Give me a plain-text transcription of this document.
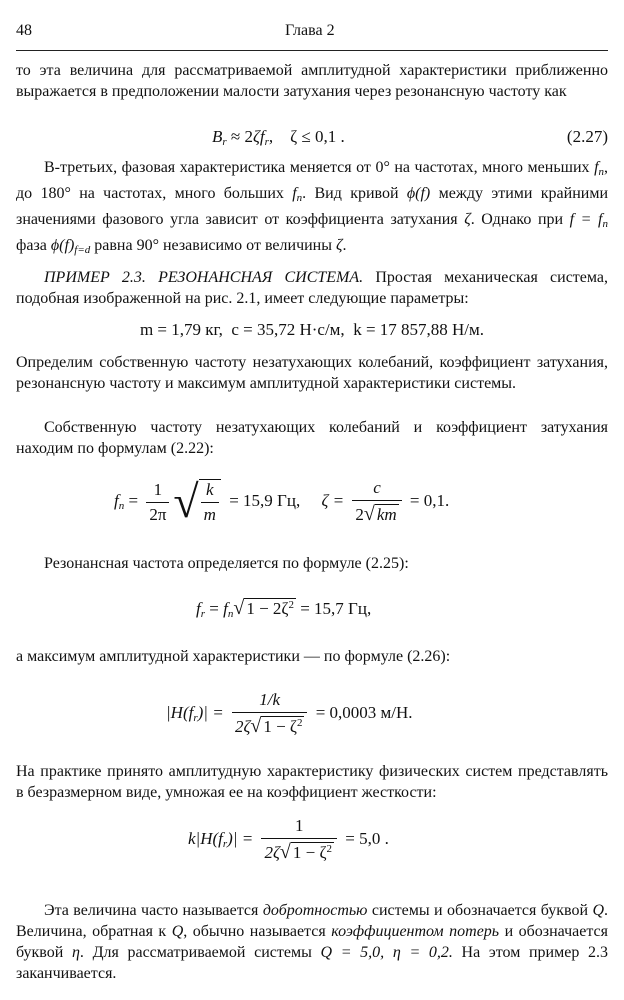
48	Глава 2
то эта величина для рассматриваемой амплитудной характеристики приближенно выражается в предположении малости затухания через резонансную частоту как
$B_r \approx 2\zeta f_r$, ζ ≤ 0,1 .	(2.27)
В-третьих, фазовая характеристика меняется от 0° на частотах, много меньших $f_n$, до 180° на частотах, много больших $f_n$. Вид кривой ϕ(f) между этими крайними значениями фазового угла зависит от коэффициента затухания ζ. Однако при $f = f_n$ фаза $\phi(f)_{f=d}$ равна 90° независимо от величины ζ.
ПРИМЕР 2.3. РЕЗОНАНСНАЯ СИСТЕМА. Простая механическая система, подобная изображенной на рис. 2.1, имеет следующие параметры:
m = 1,79 кг, c = 35,72 Н·с/м, k = 17 857,88 Н/м.
Определим собственную частоту незатухающих колебаний, коэффициент затухания, резонансную частоту и максимум амплитудной характеристики системы.
Собственную частоту незатухающих колебаний и коэффициент затухания находим по формулам (2.22):
$f_n = \frac{1}{2\pi}$ √ $\frac{k}{m} = 15,9$ Гц, $\zeta = \frac{c}{2√ km} = 0,1$.
Резонансная частота определяется по формуле (2.25):
$f_r = f_n√$ $1 - 2\zeta^2 = 15,7$ Гц,
а максимум амплитудной характеристики — по формуле (2.26):
$|H(f_r)| = \frac{1/k}{2\zeta√ 1 - \zeta^2} = 0,0003$ м/Н.
На практике принято амплитудную характеристику физических систем представлять в безразмерном виде, умножая ее на коэффициент жесткости:
$k|H(f_r)| = \frac{1}{2\zeta√ 1 - \zeta^2} = 5,0$ .
Эта величина часто называется добротностью системы и обозначается буквой Q. Величина, обратная к Q, обычно называется коэффициентом потерь и обозначается буквой η. Для рассматриваемой системы Q = 5,0, η = 0,2. На этом пример 2.3 заканчивается.
